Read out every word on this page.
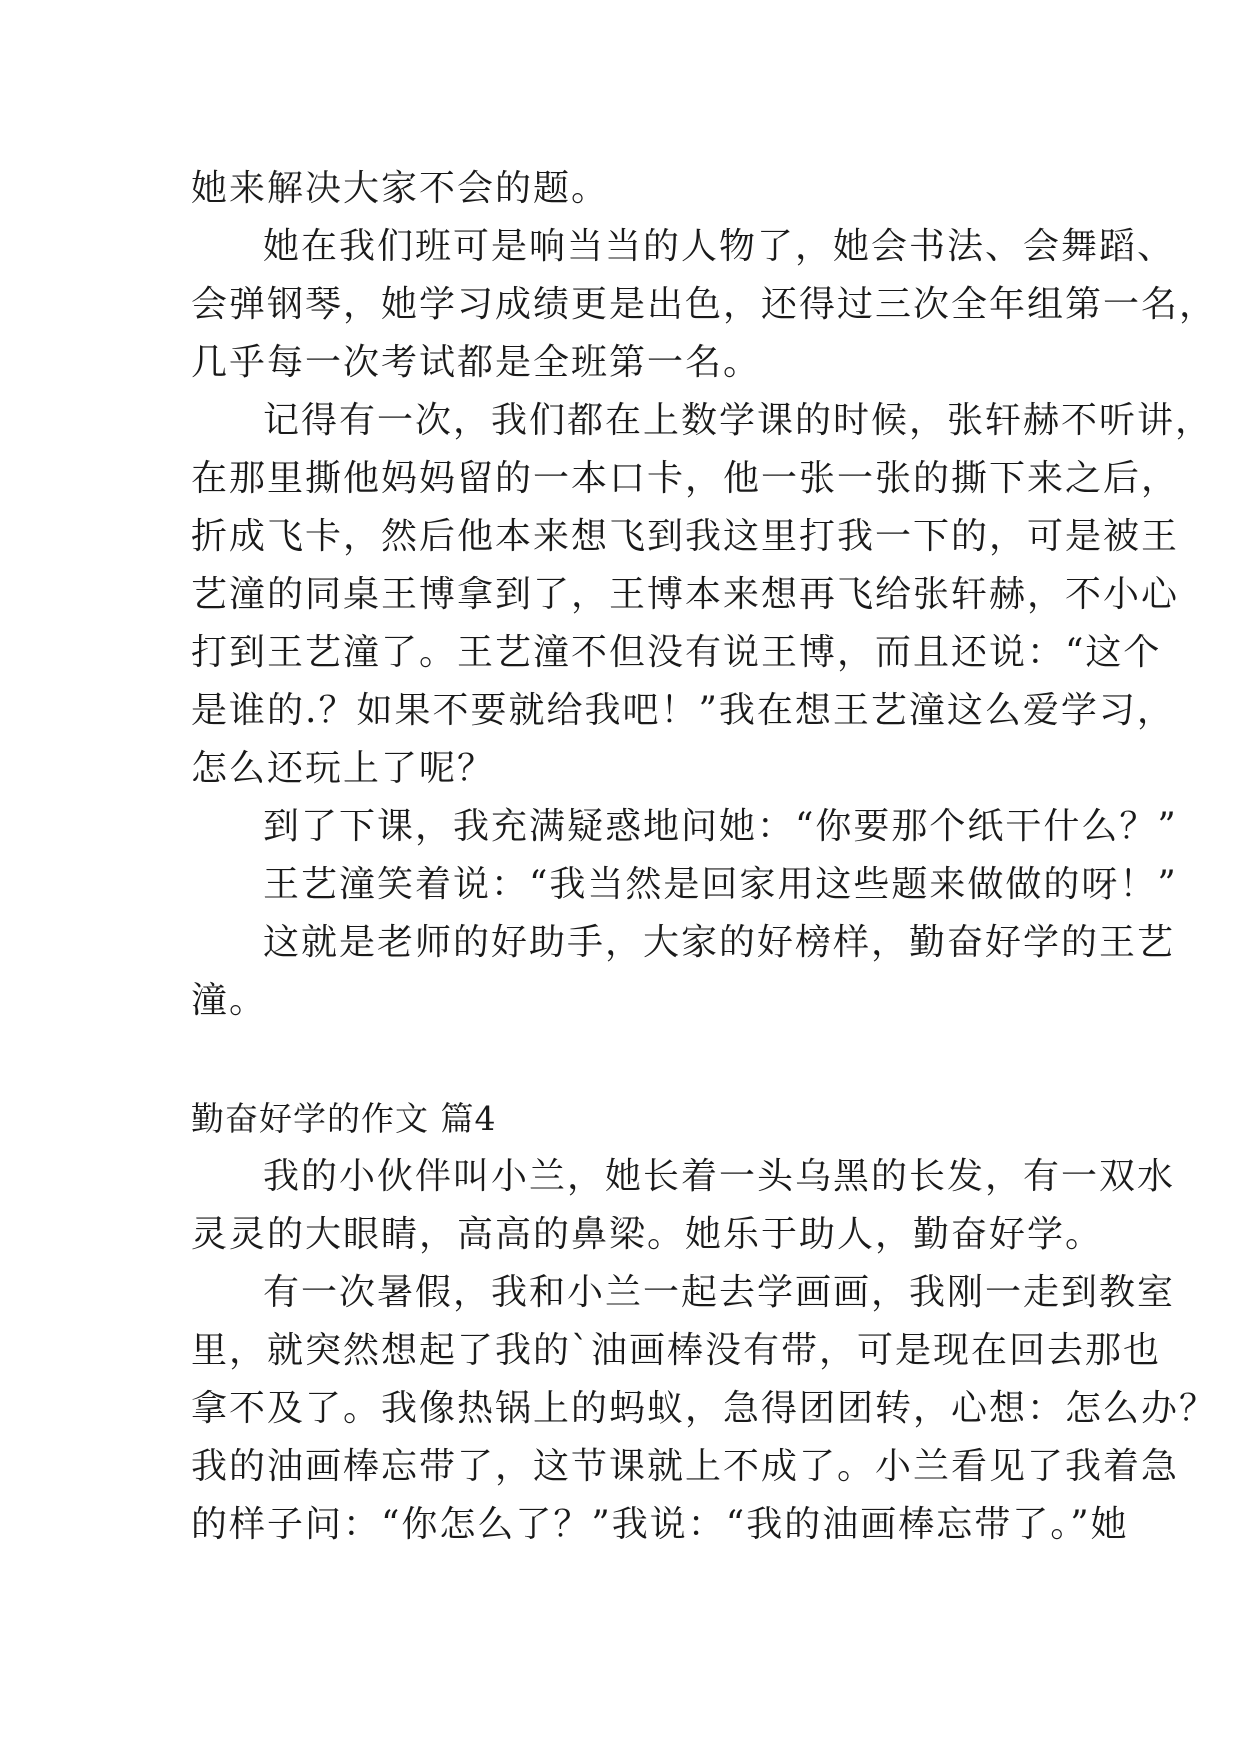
她来解决大家不会的题。
她在我们班可是响当当的人物了，她会书法、会舞蹈、
会弹钢琴，她学习成绩更是出色，还得过三次全年组第一名，
几乎每一次考试都是全班第一名。
记得有一次，我们都在上数学课的时候，张轩赫不听讲，
在那里撕他妈妈留的一本口卡，他一张一张的撕下来之后，
折成飞卡，然后他本来想飞到我这里打我一下的，可是被王
艺潼的同桌王博拿到了，王博本来想再飞给张轩赫，不小心
打到王艺潼了。王艺潼不但没有说王博，而且还说：“这个
是谁的.？如果不要就给我吧！”我在想王艺潼这么爱学习，
怎么还玩上了呢？
到了下课，我充满疑惑地问她：“你要那个纸干什么？”
王艺潼笑着说：“我当然是回家用这些题来做做的呀！”
这就是老师的好助手，大家的好榜样，勤奋好学的王艺
潼。
勤奋好学的作文 篇4
我的小伙伴叫小兰，她长着一头乌黑的长发，有一双水
灵灵的大眼睛，高高的鼻梁。她乐于助人，勤奋好学。
有一次暑假，我和小兰一起去学画画，我刚一走到教室
里，就突然想起了我的`油画棒没有带，可是现在回去那也
拿不及了。我像热锅上的蚂蚁，急得团团转，心想：怎么办？
我的油画棒忘带了，这节课就上不成了。小兰看见了我着急
的样子问：“你怎么了？”我说：“我的油画棒忘带了。”她
